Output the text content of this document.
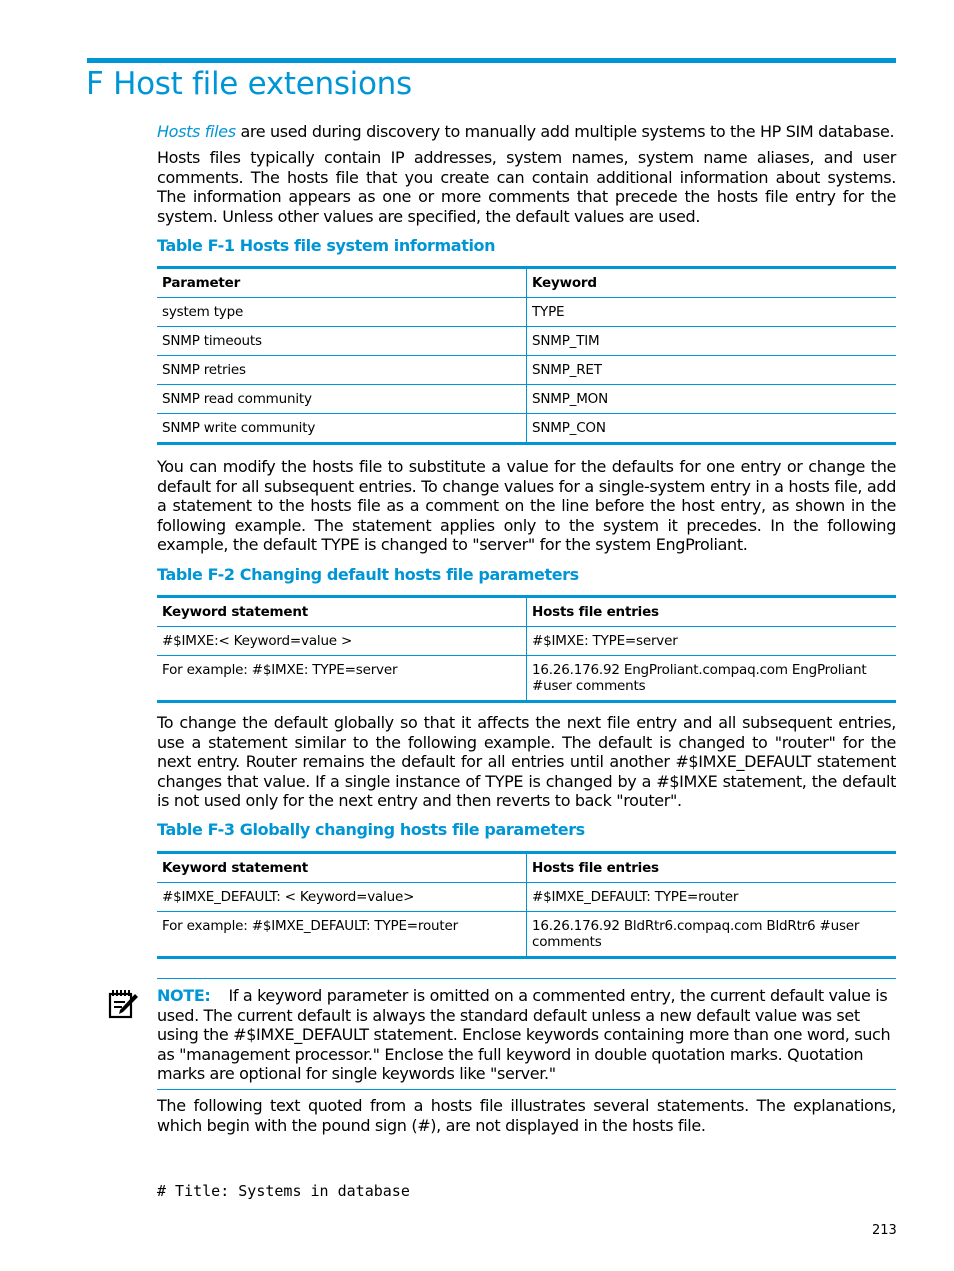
F Host file extensions

Hosts files are used during discovery to manually add multiple systems to the HP SIM database.

Hosts files typically contain IP addresses, system names, system name aliases, and user comments. The hosts file that you create can contain additional information about systems. The information appears as one or more comments that precede the hosts file entry for the system. Unless other values are specified, the default values are used.

Table F-1 Hosts file system information
Parameter	Keyword
system type	TYPE
SNMP timeouts	SNMP_TIM
SNMP retries	SNMP_RET
SNMP read community	SNMP_MON
SNMP write community	SNMP_CON

You can modify the hosts file to substitute a value for the defaults for one entry or change the default for all subsequent entries. To change values for a single-system entry in a hosts file, add a statement to the hosts file as a comment on the line before the host entry, as shown in the following example. The statement applies only to the system it precedes. In the following example, the default TYPE is changed to "server" for the system EngProliant.

Table F-2 Changing default hosts file parameters
Keyword statement	Hosts file entries
#$IMXE:< Keyword=value >	#$IMXE: TYPE=server
For example: #$IMXE: TYPE=server	16.26.176.92 EngProliant.compaq.com EngProliant #user comments

To change the default globally so that it affects the next file entry and all subsequent entries, use a statement similar to the following example. The default is changed to "router" for the next entry. Router remains the default for all entries until another #$IMXE_DEFAULT statement changes that value. If a single instance of TYPE is changed by a #$IMXE statement, the default is not used only for the next entry and then reverts to back "router".

Table F-3 Globally changing hosts file parameters
Keyword statement	Hosts file entries
#$IMXE_DEFAULT: < Keyword=value>	#$IMXE_DEFAULT: TYPE=router
For example: #$IMXE_DEFAULT: TYPE=router	16.26.176.92 BldRtr6.compaq.com BldRtr6 #user comments

NOTE: If a keyword parameter is omitted on a commented entry, the current default value is used. The current default is always the standard default unless a new default value was set using the #$IMXE_DEFAULT statement. Enclose keywords containing more than one word, such as "management processor." Enclose the full keyword in double quotation marks. Quotation marks are optional for single keywords like "server."

The following text quoted from a hosts file illustrates several statements. The explanations, which begin with the pound sign (#), are not displayed in the hosts file.

# Title: Systems in database
213
